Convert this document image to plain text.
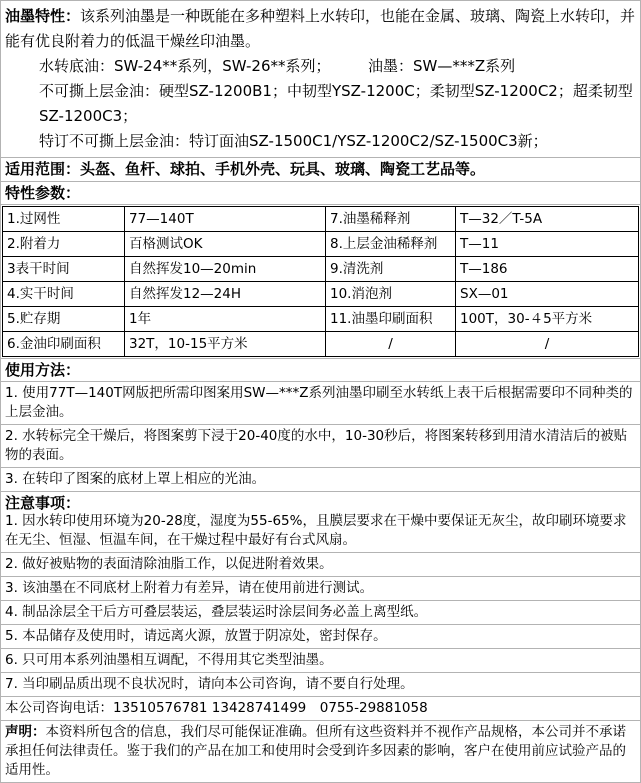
油墨特性：该系列油墨是一种既能在多种塑料上水转印，也能在金属、玻璃、陶瓷上水转印，并能有优良附着力的低温干燥丝印油墨。

水转底油：SW-24**系列，SW-26**系列；　　　油墨：SW—***Z系列

不可撕上层金油：硬型SZ-1200B1；中韧型YSZ-1200C；柔韧型SZ-1200C2；超柔韧型SZ-1200C3；

特订不可撕上层金油：特订面油SZ-1500C1/YSZ-1200C2/SZ-1500C3新；

适用范围：头盔、鱼杆、球拍、手机外壳、玩具、玻璃、陶瓷工艺品等。

特性参数：
1.过网性	77—140T	7.油墨稀释剂	T—32／T-5A
2.附着力	百格测试OK	8.上层金油稀释剂	T—11
3表干时间	自然挥发10—20min	9.清洗剂	T—186
4.实干时间	自然挥发12—24H	10.消泡剂	SX—01
5.贮存期	1年	11.油墨印刷面积	100T，30-４5平方米
6.金油印刷面积	32T，10-15平方米	/	/
使用方法：
1. 使用77T—140T网版把所需印图案用SW—***Z系列油墨印刷至水转纸上表干后根据需要印不同种类的上层金油。
2. 水转标完全干燥后，将图案剪下浸于20-40度的水中，10-30秒后，将图案转移到用清水清洁后的被贴物的表面。
3. 在转印了图案的底材上罩上相应的光油。

注意事项：

1. 因水转印使用环境为20-28度，湿度为55-65%，且膜层要求在干燥中要保证无灰尘，故印刷环境要求在无尘、恒湿、恒温车间，在干燥过程中最好有台式风扇。

2. 做好被贴物的表面清除油脂工作，以促进附着效果。
3. 该油墨在不同底材上附着力有差异，请在使用前进行测试。
4. 制品涂层全干后方可叠层装运，叠层装运时涂层间务必盖上离型纸。
5. 本品储存及使用时，请远离火源，放置于阴凉处，密封保存。
6. 只可用本系列油墨相互调配，不得用其它类型油墨。
7. 当印刷品质出现不良状况时，请向本公司咨询，请不要自行处理。
本公司咨询电话：13510576781 13428741499　0755-29881058

声明：本资料所包含的信息，我们尽可能保证准确。但所有这些资料并不视作产品规格，本公司并不承诺承担任何法律责任。鉴于我们的产品在加工和使用时会受到许多因素的影响，客户在使用前应试验产品的适用性。
